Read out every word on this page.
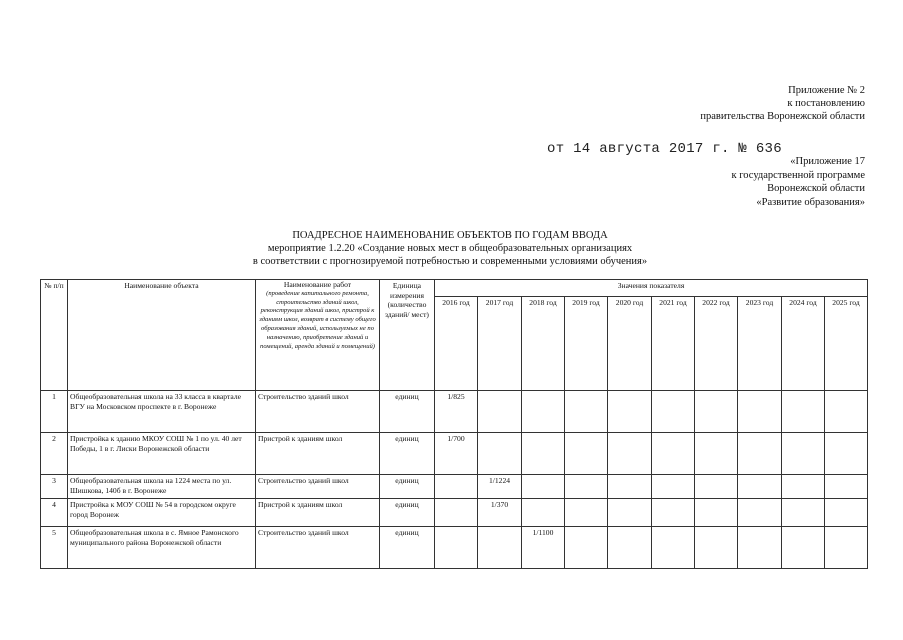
Приложение № 2
к постановлению
правительства Воронежской области
от 14 августа 2017 г. № 636
«Приложение 17
к государственной программе
Воронежской области
«Развитие образования»
ПОАДРЕСНОЕ НАИМЕНОВАНИЕ ОБЪЕКТОВ ПО ГОДАМ ВВОДА
мероприятие 1.2.20 «Создание новых мест в общеобразовательных организациях
в соответствии с прогнозируемой потребностью и современными условиями обучения»
№ п/п	Наименование объекта	Наименование работ
(проведение капитального ремонта, строительство зданий школ, реконструкция зданий школ, пристрой к зданиям школ, возврат в систему общего образования зданий, используемых не по назначению, приобретение зданий и помещений, аренда зданий и помещений)	Единица измерения (количество зданий/ мест)	Значения показателя									
				2016 год	2017 год	2018 год	2019 год	2020 год	2021 год	2022 год	2023 год	2024 год	2025 год
1	Общеобразовательная школа на 33 класса в квартале ВГУ на Московском проспекте в г. Воронеже	Строительство зданий школ	единиц	1/825									
2	Пристройка к зданию МКОУ СОШ № 1 по ул. 40 лет Победы, 1 в г. Лиски Воронежской области	Пристрой к зданиям школ	единиц	1/700									
3	Общеобразовательная школа на 1224 места по ул. Шишкова, 140б в г. Воронеже	Строительство зданий школ	единиц		1/1224								
4	Пристройка к МОУ СОШ № 54 в городском округе город Воронеж	Пристрой к зданиям школ	единиц		1/370								
5	Общеобразовательная школа в с. Ямное Рамонского муниципального района Воронежской области	Строительство зданий школ	единиц			1/1100							
